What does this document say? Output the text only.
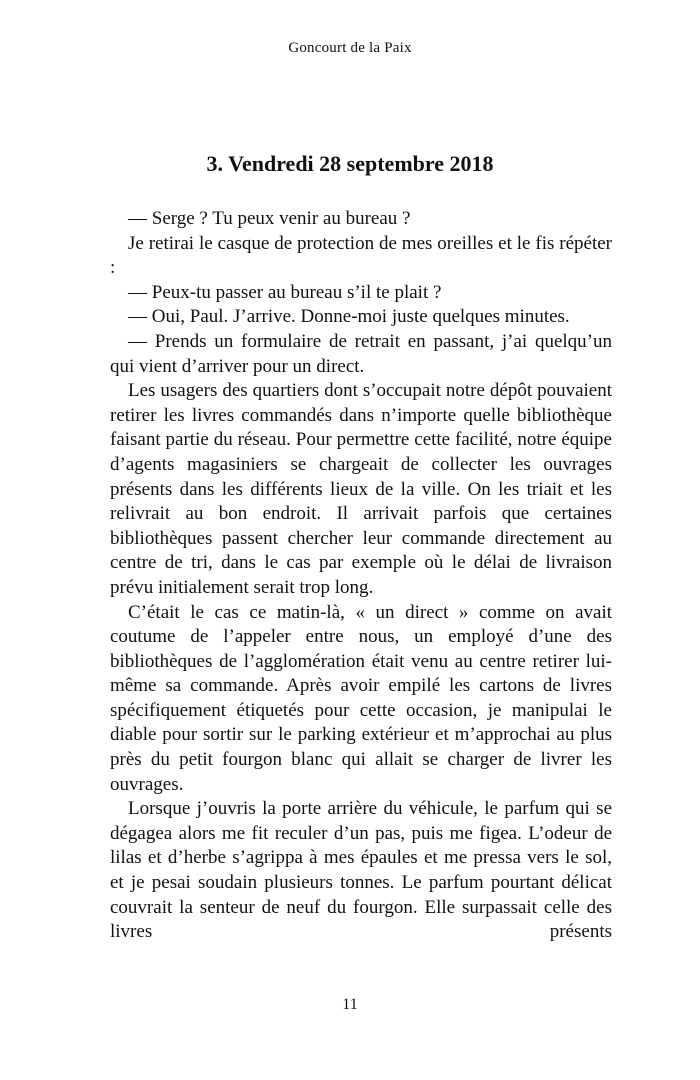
Goncourt de la Paix
3. Vendredi 28 septembre 2018

— Serge ? Tu peux venir au bureau ?

Je retirai le casque de protection de mes oreilles et le fis répéter :

— Peux-tu passer au bureau s’il te plait ?

— Oui, Paul. J’arrive. Donne-moi juste quelques minutes.

— Prends un formulaire de retrait en passant, j’ai quelqu’un qui vient d’arriver pour un direct.

Les usagers des quartiers dont s’occupait notre dépôt pouvaient retirer les livres commandés dans n’importe quelle bibliothèque faisant partie du réseau. Pour permettre cette facilité, notre équipe d’agents magasiniers se chargeait de collecter les ouvrages présents dans les différents lieux de la ville. On les triait et les relivrait au bon endroit. Il arrivait parfois que certaines bibliothèques passent chercher leur commande directement au centre de tri, dans le cas par exemple où le délai de livraison prévu initialement serait trop long.

C’était le cas ce matin-là, « un direct » comme on avait coutume de l’appeler entre nous, un employé d’une des bibliothèques de l’agglomération était venu au centre retirer lui-même sa commande. Après avoir empilé les cartons de livres spécifiquement étiquetés pour cette occasion, je manipulai le diable pour sortir sur le parking extérieur et m’approchai au plus près du petit fourgon blanc qui allait se charger de livrer les ouvrages.

Lorsque j’ouvris la porte arrière du véhicule, le parfum qui se dégagea alors me fit reculer d’un pas, puis me figea. L’odeur de lilas et d’herbe s’agrippa à mes épaules et me pressa vers le sol, et je pesai soudain plusieurs tonnes. Le parfum pourtant délicat couvrait la senteur de neuf du fourgon. Elle surpassait celle des livres présents

11
